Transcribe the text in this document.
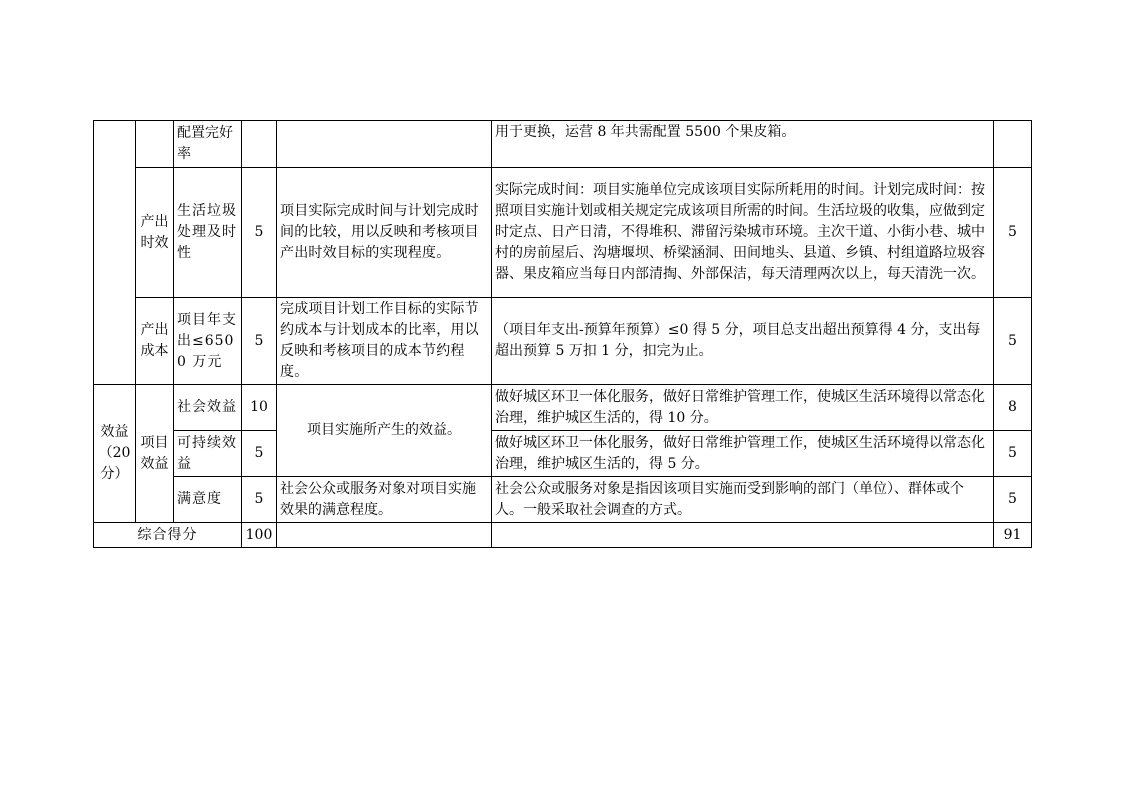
		配置完好率			用于更换，运营 8 年共需配置 5500 个果皮箱。	
	产出时效	生活垃圾处理及时性	5	项目实际完成时间与计划完成时间的比较，用以反映和考核项目产出时效目标的实现程度。	实际完成时间：项目实施单位完成该项目实际所耗用的时间。计划完成时间：按照项目实施计划或相关规定完成该项目所需的时间。生活垃圾的收集，应做到定时定点、日产日清，不得堆积、滞留污染城市环境。主次干道、小街小巷、城中村的房前屋后、沟塘堰坝、桥梁涵洞、田间地头、县道、乡镇、村组道路垃圾容器、果皮箱应当每日内部清掏、外部保洁，每天清理两次以上，每天清洗一次。	5
	产出成本	项目年支出≤6500 万元	5	完成项目计划工作目标的实际节约成本与计划成本的比率，用以反映和考核项目的成本节约程度。	（项目年支出-预算年预算）≤0 得 5 分，项目总支出超出预算得 4 分，支出每超出预算 5 万扣 1 分，扣完为止。	5
效益（20分）	项目效益	社会效益	10	项目实施所产生的效益。	做好城区环卫一体化服务，做好日常维护管理工作，使城区生活环境得以常态化治理，维护城区生活的，得 10 分。	8
		可持续效益	5		做好城区环卫一体化服务，做好日常维护管理工作，使城区生活环境得以常态化治理，维护城区生活的，得 5 分。	5
		满意度	5	社会公众或服务对象对项目实施效果的满意程度。	社会公众或服务对象是指因该项目实施而受到影响的部门（单位）、群体或个人。一般采取社会调查的方式。	5
综合得分			100			91
